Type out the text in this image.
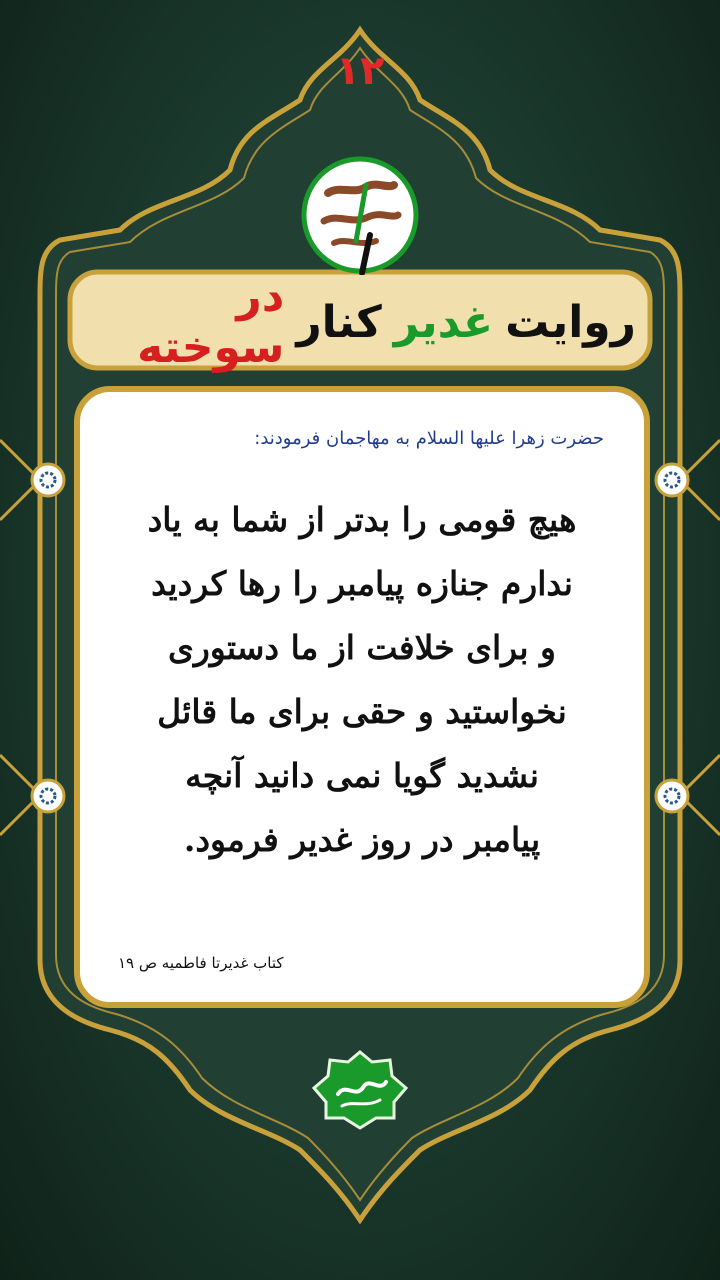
۱۲
روایت
غدیر
کنار
در سوخته
حضرت زهرا علیها السلام به مهاجمان فرمودند:
هیچ قومی را بدتر از شما به یاد
ندارم جنازه پیامبر را رها کردید
و برای خلافت از ما دستوری
نخواستید و حقی برای ما قائل
نشدید گویا نمی دانید آنچه
پیامبر در روز غدیر فرمود.
کتاب غدیرتا فاطمیه ص ۱۹
